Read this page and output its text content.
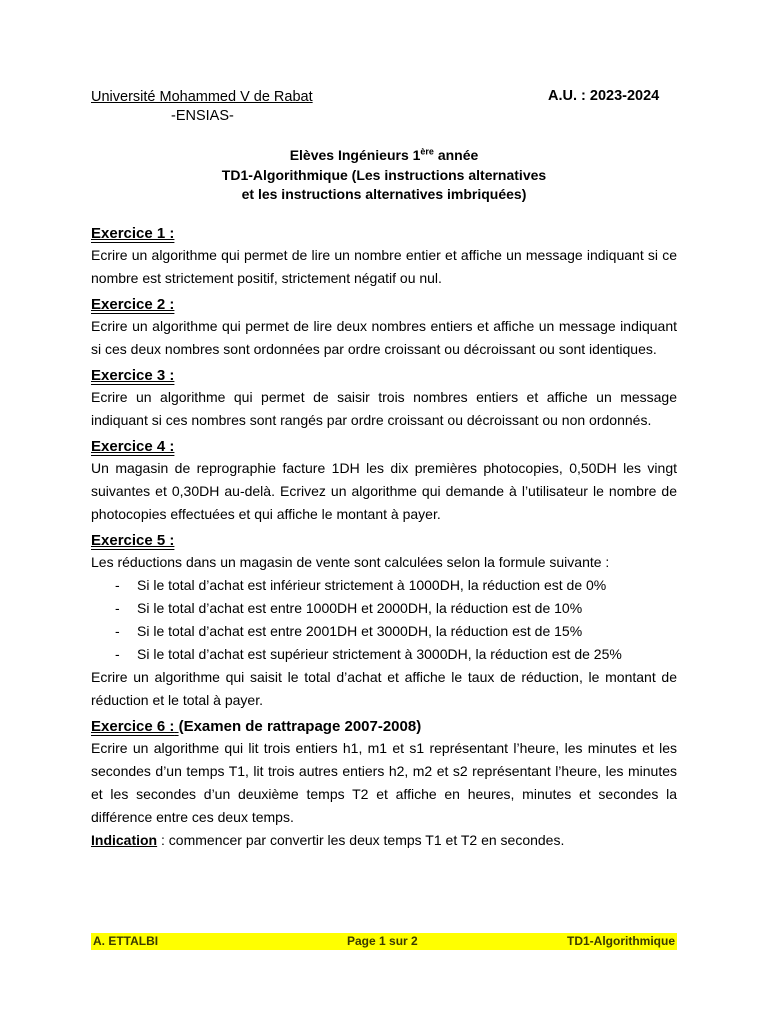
Université Mohammed V de Rabat
-ENSIAS-
A.U. : 2023-2024
Elèves Ingénieurs 1ère année
TD1-Algorithmique (Les instructions alternatives
et les instructions alternatives imbriquées)
Exercice 1 :

Ecrire un algorithme qui permet de lire un nombre entier et affiche un message indiquant si ce nombre est strictement positif, strictement négatif ou nul.

Exercice 2 :

Ecrire un algorithme qui permet de lire deux nombres entiers et affiche un message indiquant si ces deux nombres sont ordonnées par ordre croissant ou décroissant ou sont identiques.

Exercice 3 :

Ecrire un algorithme qui permet de saisir trois nombres entiers et affiche un message indiquant si ces nombres sont rangés par ordre croissant ou décroissant ou non ordonnés.

Exercice 4 :

Un magasin de reprographie facture 1DH les dix premières photocopies, 0,50DH les vingt suivantes et 0,30DH au-delà. Ecrivez un algorithme qui demande à l’utilisateur le nombre de photocopies effectuées et qui affiche le montant à payer.

Exercice 5 :

Les réductions dans un magasin de vente sont calculées selon la formule suivante :

- Si le total d’achat est inférieur strictement à 1000DH, la réduction est de 0%
- Si le total d’achat est entre 1000DH et 2000DH, la réduction est de 10%
- Si le total d’achat est entre 2001DH et 3000DH, la réduction est de 15%
- Si le total d’achat est supérieur strictement à 3000DH, la réduction est de 25%

Ecrire un algorithme qui saisit le total d’achat et affiche le taux de réduction, le montant de réduction et le total à payer.

Exercice 6 : (Examen de rattrapage 2007-2008)

Ecrire un algorithme qui lit trois entiers h1, m1 et s1 représentant l’heure, les minutes et les secondes d’un temps T1, lit trois autres entiers h2, m2 et s2 représentant l’heure, les minutes et les secondes d’un deuxième temps T2 et affiche en heures, minutes et secondes la différence entre ces deux temps.

Indication : commencer par convertir les deux temps T1 et T2 en secondes.

A. ETTALBI	Page 1 sur 2	TD1-Algorithmique
